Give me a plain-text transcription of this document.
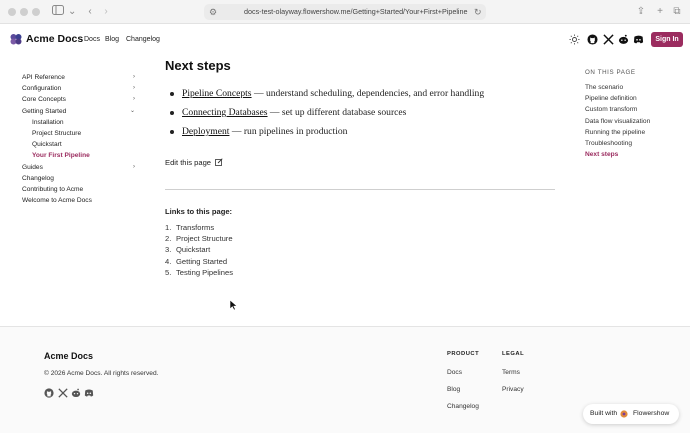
⌄	‹	›	⚙	docs-test-olayway.flowershow.me/Getting+Started/Your+First+Pipeline ↻	⇪ + ⧉
Acme Docs Docs Blog Changelog	Sign In
API Reference	›
Configuration	›
Core Concepts	›
Getting Started	⌄
Installation
Project Structure
Quickstart
Your First Pipeline
Guides	›
Changelog
Contributing to Acme
Welcome to Acme Docs
Next steps
Pipeline Concepts — understand scheduling, dependencies, and error handling
Connecting Databases — set up different database sources
Deployment — run pipelines in production
Edit this page
Links to this page:
1. Transforms
2. Project Structure
3. Quickstart
4. Getting Started
5. Testing Pipelines
ON THIS PAGE
The scenario
Pipeline definition
Custom transform
Data flow visualization
Running the pipeline
Troubleshooting
Next steps
Acme Docs
© 2026 Acme Docs. All rights reserved.
PRODUCT
Docs
Blog
Changelog
LEGAL
Terms
Privacy
Built with Flowershow
